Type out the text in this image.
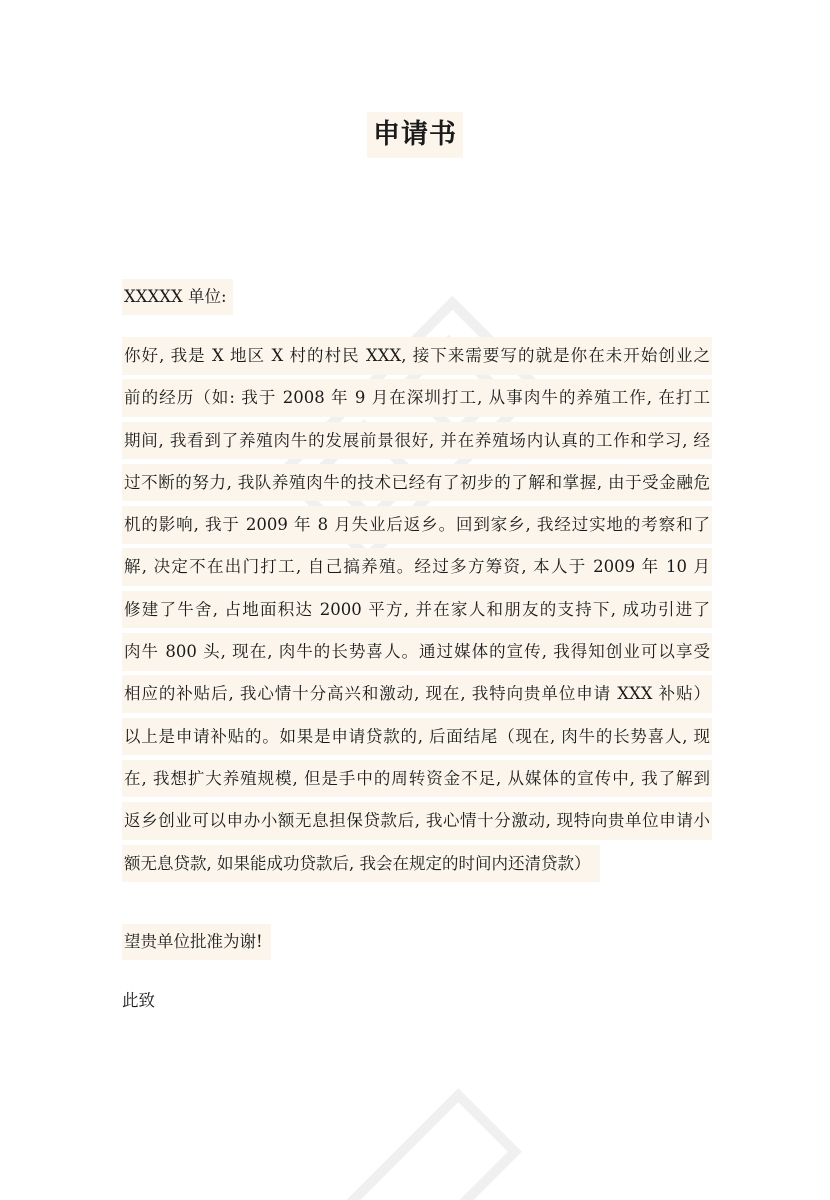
申请书
XXXXX 单位:
你好, 我是 X 地区 X 村的村民 XXX, 接下来需要写的就是你在未开始创业之
前的经历（如: 我于 2008 年 9 月在深圳打工, 从事肉牛的养殖工作, 在打工
期间, 我看到了养殖肉牛的发展前景很好, 并在养殖场内认真的工作和学习, 经
过不断的努力, 我队养殖肉牛的技术已经有了初步的了解和掌握, 由于受金融危
机的影响, 我于 2009 年 8 月失业后返乡。回到家乡, 我经过实地的考察和了
解, 决定不在出门打工, 自己搞养殖。经过多方筹资, 本人于 2009 年 10 月
修建了牛舍, 占地面积达 2000 平方, 并在家人和朋友的支持下, 成功引进了
肉牛 800 头, 现在, 肉牛的长势喜人。通过媒体的宣传, 我得知创业可以享受
相应的补贴后, 我心情十分高兴和激动, 现在, 我特向贵单位申请 XXX 补贴）
以上是申请补贴的。如果是申请贷款的, 后面结尾（现在, 肉牛的长势喜人, 现
在, 我想扩大养殖规模, 但是手中的周转资金不足, 从媒体的宣传中, 我了解到
返乡创业可以申办小额无息担保贷款后, 我心情十分激动, 现特向贵单位申请小
额无息贷款, 如果能成功贷款后, 我会在规定的时间内还清贷款）
望贵单位批准为谢!
此致
